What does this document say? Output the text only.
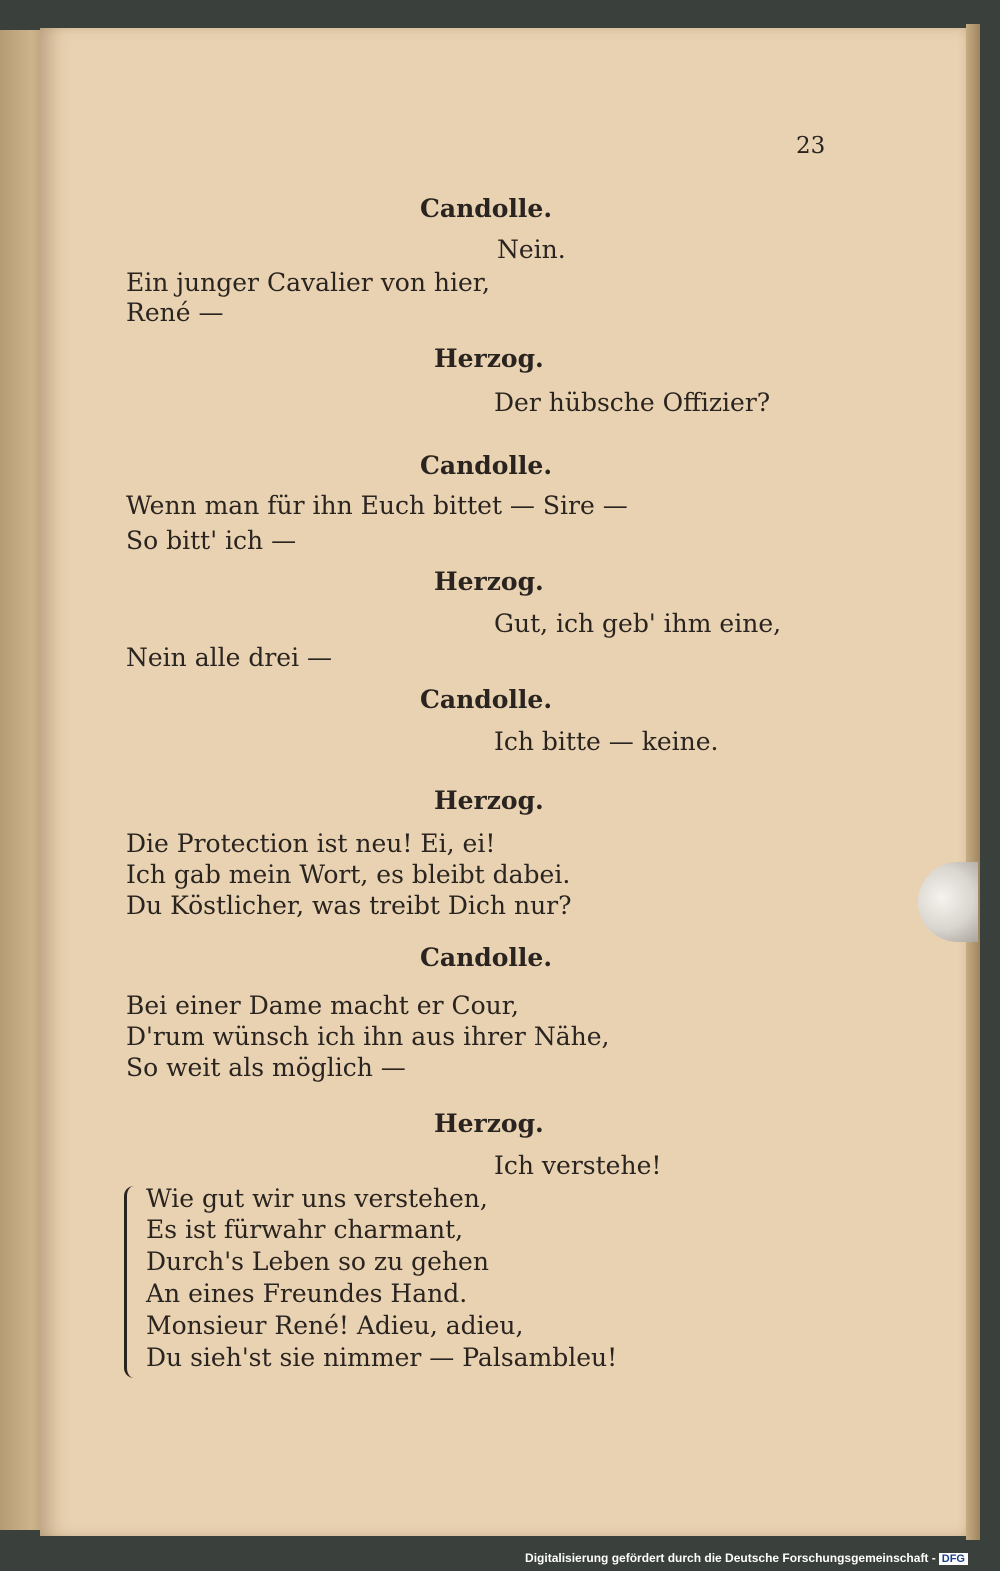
23
Candolle.
Nein.
Ein junger Cavalier von hier,
René —
Herzog.
Der hübsche Offizier?
Candolle.
Wenn man für ihn Euch bittet — Sire —
So bitt' ich —
Herzog.
Gut, ich geb' ihm eine,
Nein alle drei —
Candolle.
Ich bitte — keine.
Herzog.
Die Protection ist neu! Ei, ei!
Ich gab mein Wort, es bleibt dabei.
Du Köstlicher, was treibt Dich nur?
Candolle.
Bei einer Dame macht er Cour,
D'rum wünsch ich ihn aus ihrer Nähe,
So weit als möglich —
Herzog.
Ich verstehe!
Wie gut wir uns verstehen,
Es ist fürwahr charmant,
Durch's Leben so zu gehen
An eines Freundes Hand.
Monsieur René! Adieu, adieu,
Du sieh'st sie nimmer — Palsambleu!
Digitalisierung gefördert durch die Deutsche Forschungsgemeinschaft - DFG
